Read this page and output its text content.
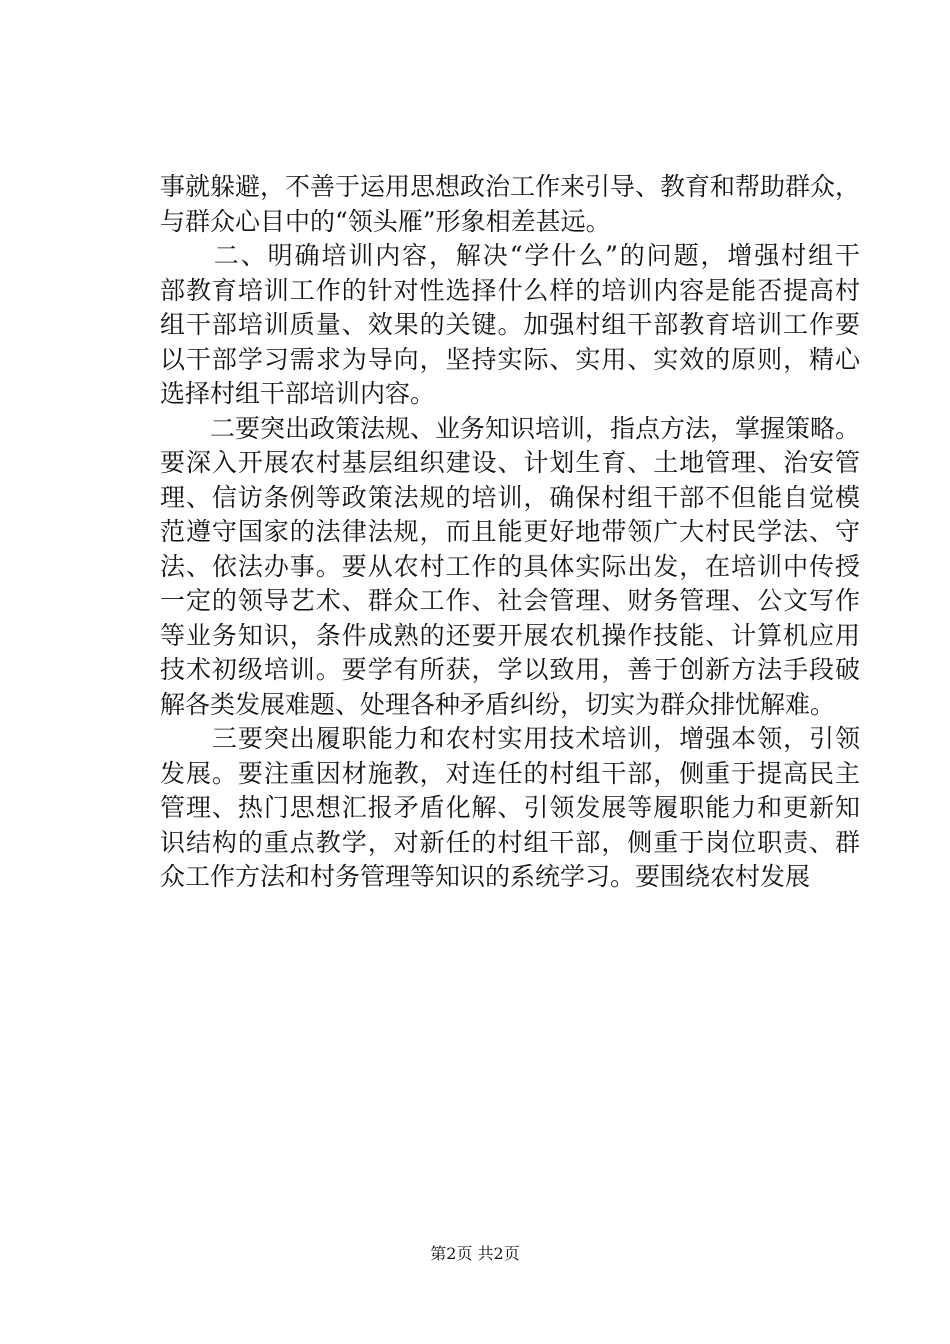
事就躲避，不善于运用思想政治工作来引导、教育和帮助群众，
与群众心目中的“领头雁”形象相差甚远。
　　二、明确培训内容，解决“学什么”的问题，增强村组干
部教育培训工作的针对性选择什么样的培训内容是能否提高村
组干部培训质量、效果的关键。加强村组干部教育培训工作要
以干部学习需求为导向，坚持实际、实用、实效的原则，精心
选择村组干部培训内容。
　　二要突出政策法规、业务知识培训，指点方法，掌握策略。
要深入开展农村基层组织建设、计划生育、土地管理、治安管
理、信访条例等政策法规的培训，确保村组干部不但能自觉模
范遵守国家的法律法规，而且能更好地带领广大村民学法、守
法、依法办事。要从农村工作的具体实际出发，在培训中传授
一定的领导艺术、群众工作、社会管理、财务管理、公文写作
等业务知识，条件成熟的还要开展农机操作技能、计算机应用
技术初级培训。要学有所获，学以致用，善于创新方法手段破
解各类发展难题、处理各种矛盾纠纷，切实为群众排忧解难。
　　三要突出履职能力和农村实用技术培训，增强本领，引领
发展。要注重因材施教，对连任的村组干部，侧重于提高民主
管理、热门思想汇报矛盾化解、引领发展等履职能力和更新知
识结构的重点教学，对新任的村组干部，侧重于岗位职责、群
众工作方法和村务管理等知识的系统学习。要围绕农村发展
第2页 共2页
